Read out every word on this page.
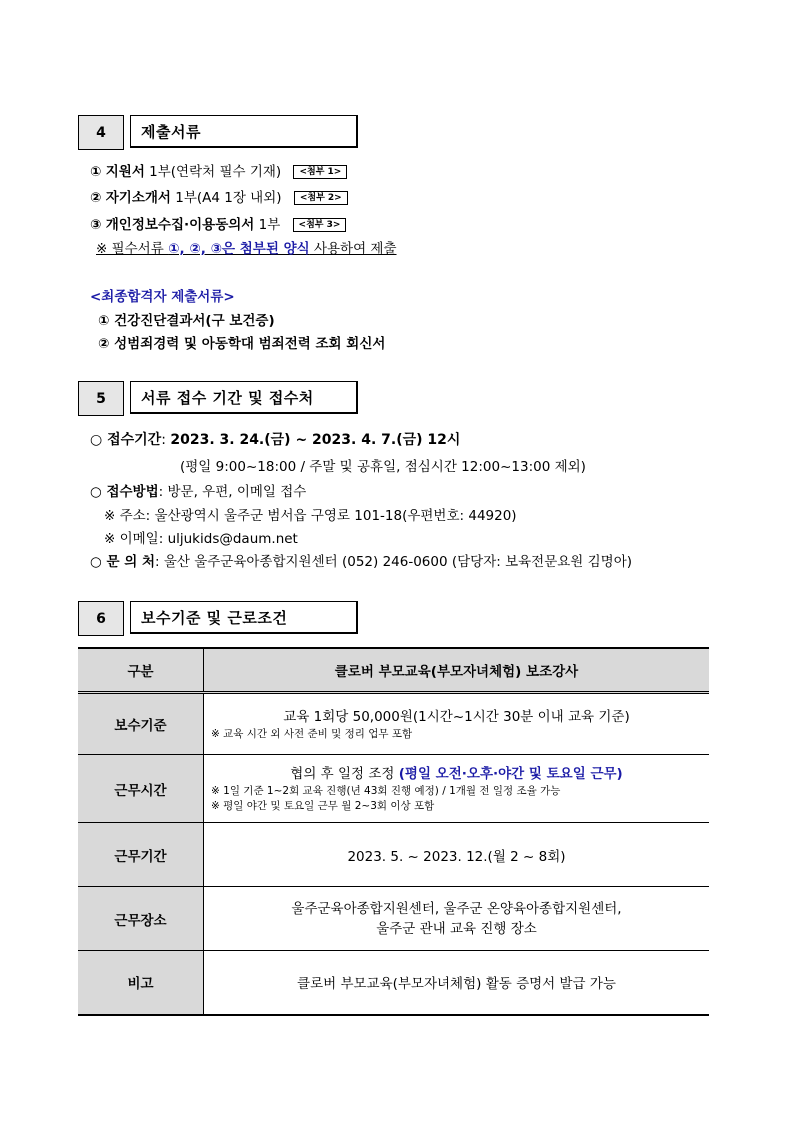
4	제출서류
① 지원서 1부(연락처 필수 기재) <첨부 1>
② 자기소개서 1부(A4 1장 내외) <첨부 2>
③ 개인정보수집·이용동의서 1부 <첨부 3>
※ 필수서류 ①, ②, ③은 첨부된 양식 사용하여 제출
<최종합격자 제출서류>
① 건강진단결과서(구 보건증)
② 성범죄경력 및 아동학대 범죄전력 조회 회신서
5	서류 접수 기간 및 접수처
○ 접수기간: 2023. 3. 24.(금) ~ 2023. 4. 7.(금) 12시
(평일 9:00~18:00 / 주말 및 공휴일, 점심시간 12:00~13:00 제외)
○ 접수방법: 방문, 우편, 이메일 접수
※ 주소: 울산광역시 울주군 범서읍 구영로 101-18(우편번호: 44920)
※ 이메일: uljukids@daum.net
○ 문 의 처: 울산 울주군육아종합지원센터 (052) 246-0600 (담당자: 보육전문요원 김명아)
6	보수기준 및 근로조건
구분	클로버 부모교육(부모자녀체험) 보조강사
보수기준	교육 1회당 50,000원(1시간~1시간 30분 이내 교육 기준)
※ 교육 시간 외 사전 준비 및 정리 업무 포함

근무시간	협의 후 일정 조정 (평일 오전·오후·야간 및 토요일 근무)
※ 1일 기준 1~2회 교육 진행(년 43회 진행 예정) / 1개월 전 일정 조율 가능
※ 평일 야간 및 토요일 근무 월 2~3회 이상 포함

근무기간	2023. 5. ~ 2023. 12.(월 2 ~ 8회)
근무장소	울주군육아종합지원센터, 울주군 온양육아종합지원센터,
울주군 관내 교육 진행 장소

비고	클로버 부모교육(부모자녀체험) 활동 증명서 발급 가능
